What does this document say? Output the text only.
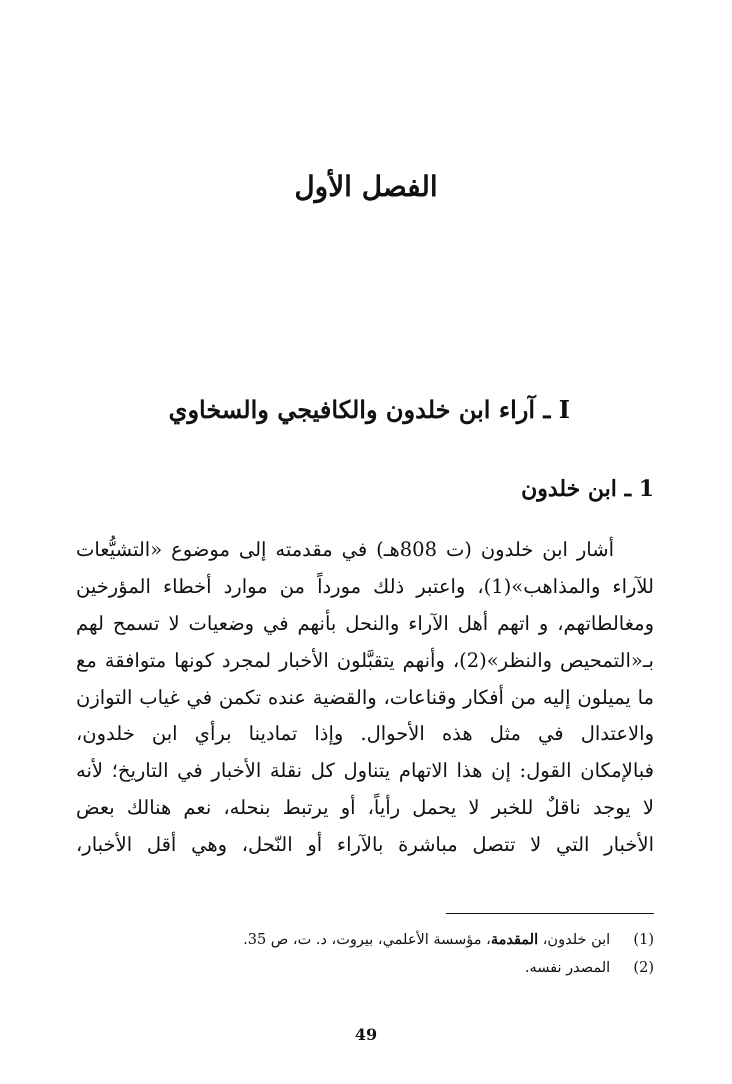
الفصل الأول
I ـ آراء ابن خلدون والكافيجي والسخاوي
1 ـ ابن خلدون
أشار ابن خلدون (ت 808هـ) في مقدمته إلى موضوع «التشيُّعات
للآراء والمذاهب»(1)، واعتبر ذلك مورداً من موارد أخطاء المؤرخين
ومغالطاتهم، و اتهم أهل الآراء والنحل بأنهم في وضعيات لا تسمح لهم
بـ«التمحيص والنظر»(2)، وأنهم يتقبَّلون الأخبار لمجرد كونها متوافقة مع
ما يميلون إليه من أفكار وقناعات، والقضية عنده تكمن في غياب التوازن
والاعتدال في مثل هذه الأحوال. وإذا تمادينا برأي ابن خلدون،
فبالإمكان القول: إن هذا الاتهام يتناول كل نقلة الأخبار في التاريخ؛ لأنه
لا يوجد ناقلٌ للخبر لا يحمل رأياً، أو يرتبط بنحله، نعم هنالك بعض
الأخبار التي لا تتصل مباشرة بالآراء أو النّحل، وهي أقل الأخبار،
(1)   ابن خلدون، المقدمة، مؤسسة الأعلمي، بيروت، د. ت، ص 35.
(2)   المصدر نفسه.
49
